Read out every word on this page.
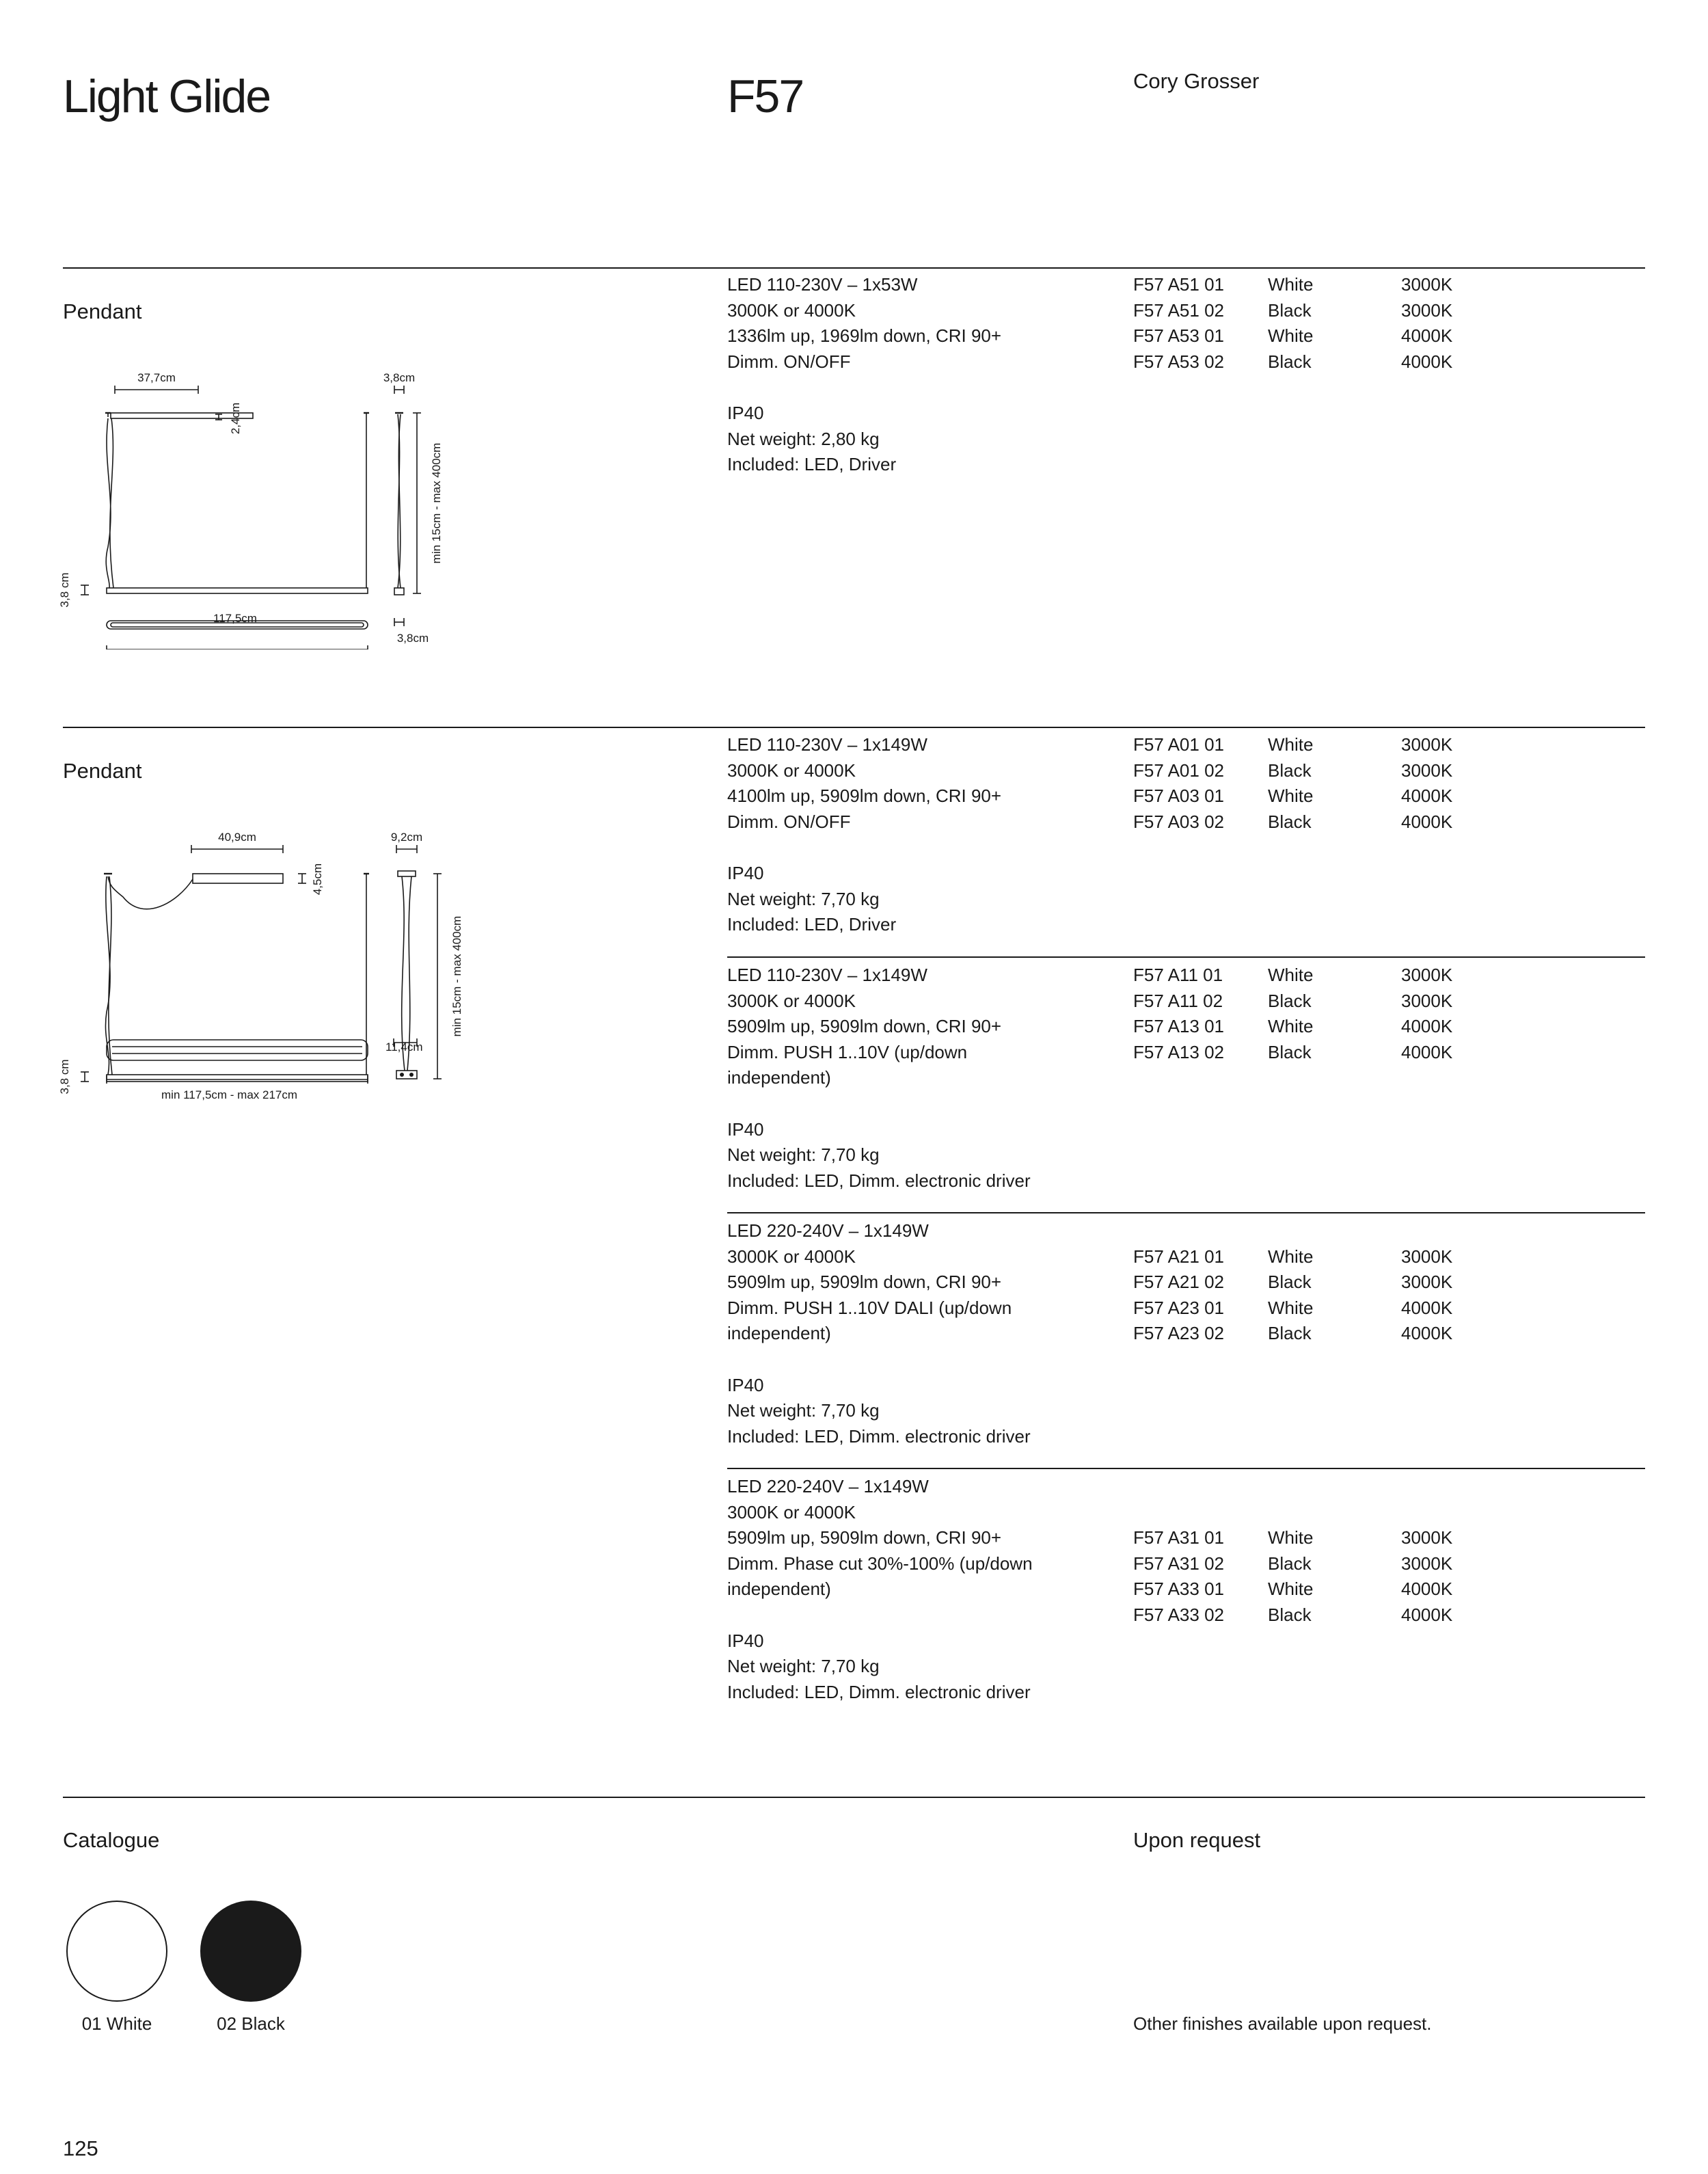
Light Glide	F57	Cory Grosser
Pendant
37,7cm	3,8cm
2,4cm
min 15cm - max 400cm
3,8 cm
3,8cm
117,5cm
LED 110-230V – 1x53W
3000K or 4000K
1336lm up, 1969lm down, CRI 90+
Dimm. ON/OFF

IP40
Net weight: 2,80 kg
Included: LED, Driver
F57 A51 01 White	3000K
F57 A51 02 Black	3000K
F57 A53 01 White	4000K
F57 A53 02 Black	4000K
Pendant
40,9cm	9,2cm
4,5cm
min 15cm - max 400cm
3,8 cm
11,4cm
min 117,5cm - max 217cm
LED 110-230V – 1x149W
3000K or 4000K
4100lm up, 5909lm down, CRI 90+
Dimm. ON/OFF

IP40
Net weight: 7,70 kg
Included: LED, Driver
F57 A01 01 White	3000K
F57 A01 02 Black	3000K
F57 A03 01 White	4000K
F57 A03 02 Black	4000K
LED 110-230V – 1x149W
3000K or 4000K
5909lm up, 5909lm down, CRI 90+
Dimm. PUSH 1..10V (up/down
independent)

IP40
Net weight: 7,70 kg
Included: LED, Dimm. electronic driver
F57 A11 01	White	3000K
F57 A11 02	Black	3000K
F57 A13 01 White	4000K
F57 A13 02 Black	4000K
LED 220-240V – 1x149W
3000K or 4000K
5909lm up, 5909lm down, CRI 90+
Dimm. PUSH 1..10V DALI (up/down
independent)

IP40
Net weight: 7,70 kg
Included: LED, Dimm. electronic driver
F57 A21 01 White	3000K
F57 A21 02 Black	3000K
F57 A23 01 White	4000K
F57 A23 02 Black	4000K
LED 220-240V – 1x149W
3000K or 4000K
5909lm up, 5909lm down, CRI 90+
Dimm. Phase cut 30%-100% (up/down
independent)

IP40
Net weight: 7,70 kg
Included: LED, Dimm. electronic driver
F57 A31 01 White	3000K
F57 A31 02 Black	3000K
F57 A33 01 White	4000K
F57 A33 02 Black	4000K
Catalogue	Upon request
01 White	02 Black	Other finishes available upon request.
125
